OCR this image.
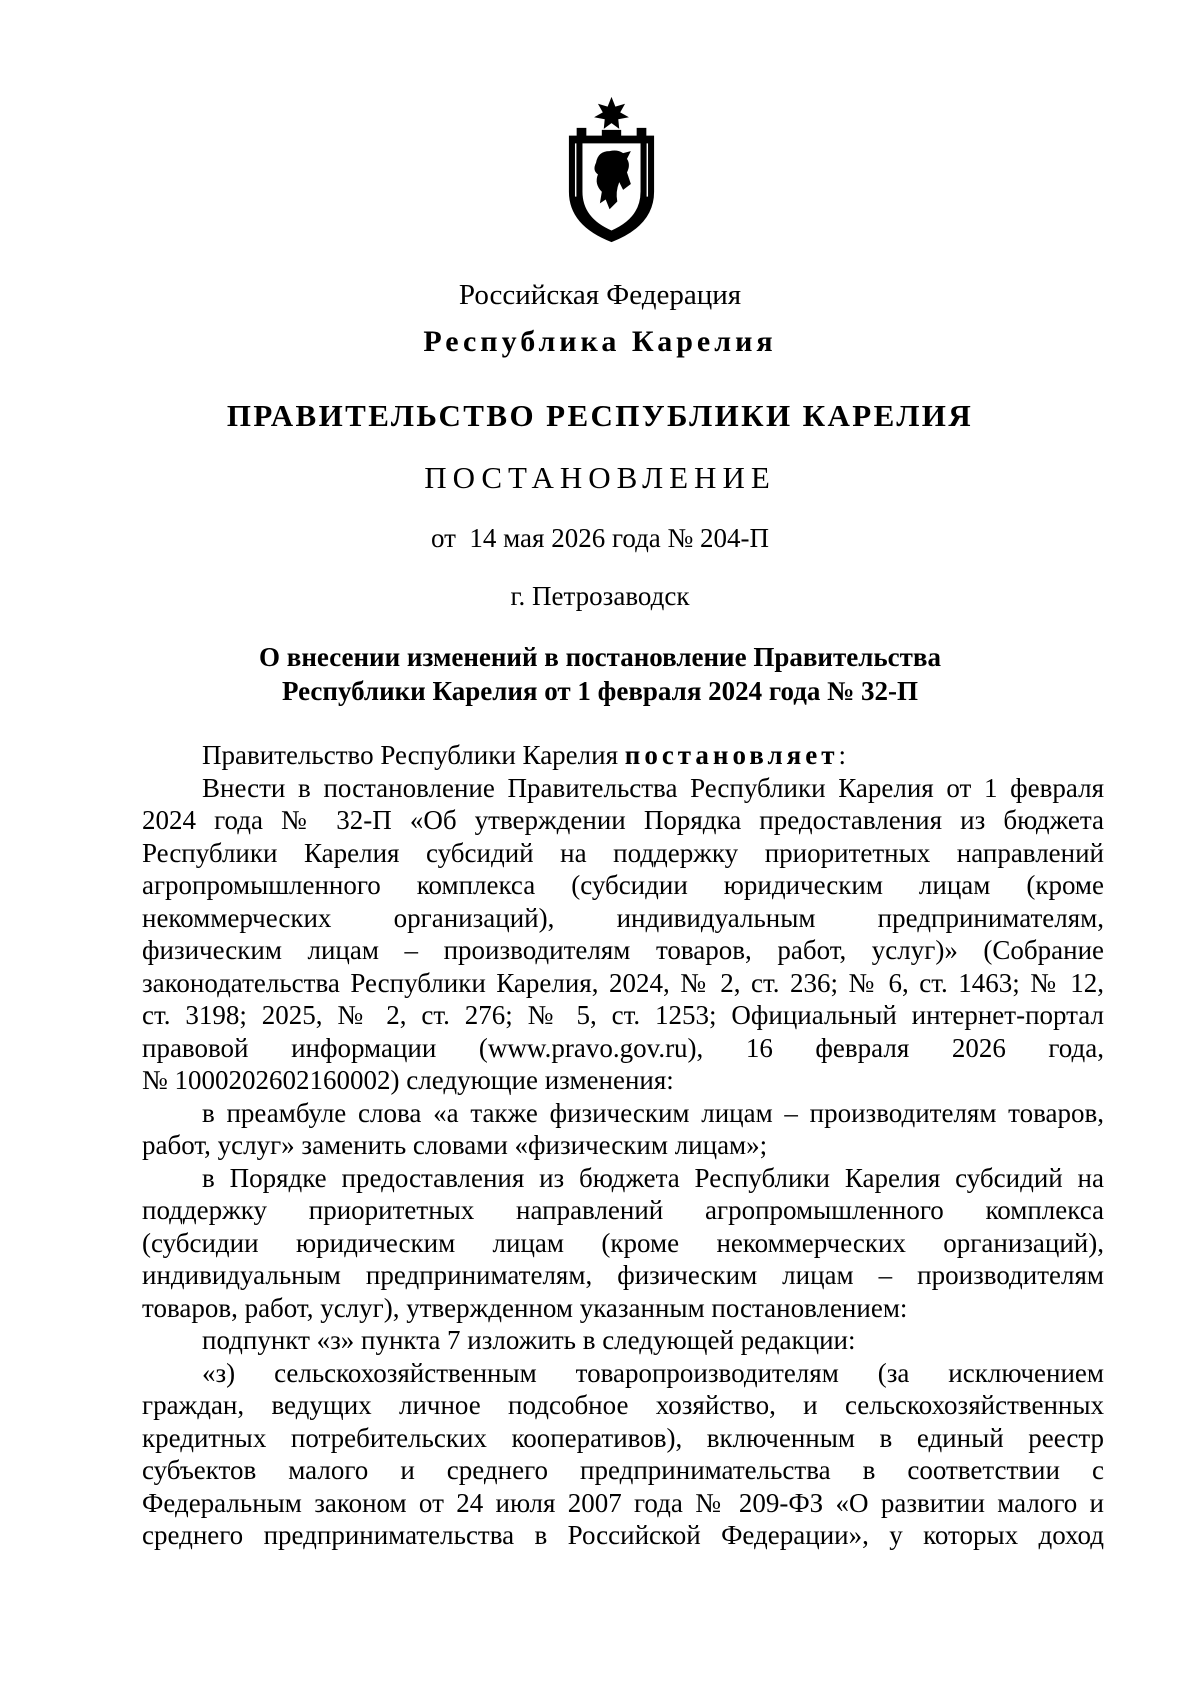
Российская Федерация
Республика Карелия
ПРАВИТЕЛЬСТВО РЕСПУБЛИКИ КАРЕЛИЯ
ПОСТАНОВЛЕНИЕ
от  14 мая 2026 года № 204-П
г. Петрозаводск
О внесении изменений в постановление Правительства
Республики Карелия от 1 февраля 2024 года № 32-П
Правительство Республики Карелия постановляет:
Внести в постановление Правительства Республики Карелия от 1 февраля
2024 года № 32-П «Об утверждении Порядка предоставления из бюджета
Республики Карелия субсидий на поддержку приоритетных направлений
агропромышленного комплекса (субсидии юридическим лицам (кроме
некоммерческих организаций), индивидуальным предпринимателям,
физическим лицам – производителям товаров, работ, услуг)» (Собрание
законодательства Республики Карелия, 2024, № 2, ст. 236; № 6, ст. 1463; № 12,
ст. 3198; 2025, № 2, ст. 276; № 5, ст. 1253; Официальный интернет-портал
правовой информации (www.pravo.gov.ru), 16 февраля 2026 года,
№ 1000202602160002) следующие изменения:
в преамбуле слова «а также физическим лицам – производителям товаров,
работ, услуг» заменить словами «физическим лицам»;
в Порядке предоставления из бюджета Республики Карелия субсидий на
поддержку приоритетных направлений агропромышленного комплекса
(субсидии юридическим лицам (кроме некоммерческих организаций),
индивидуальным предпринимателям, физическим лицам – производителям
товаров, работ, услуг), утвержденном указанным постановлением:
подпункт «з» пункта 7 изложить в следующей редакции:
«з) сельскохозяйственным товаропроизводителям (за исключением
граждан, ведущих личное подсобное хозяйство, и сельскохозяйственных
кредитных потребительских кооперативов), включенным в единый реестр
субъектов малого и среднего предпринимательства в соответствии с
Федеральным законом от 24 июля 2007 года № 209-ФЗ «О развитии малого и
среднего предпринимательства в Российской Федерации», у которых доход
